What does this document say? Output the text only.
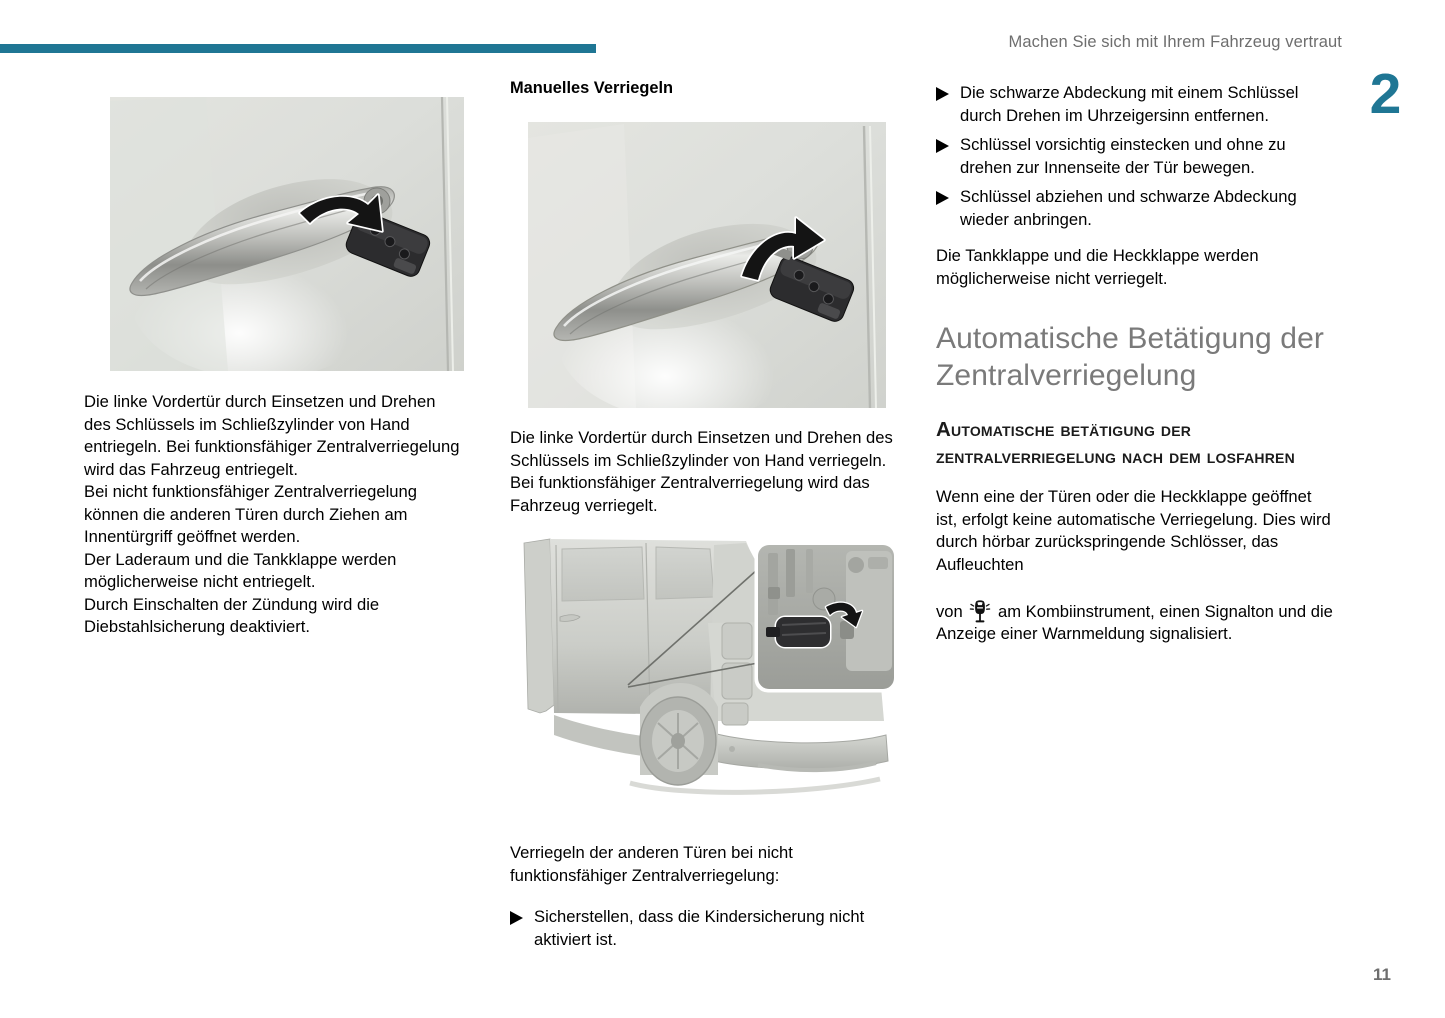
Machen Sie sich mit Ihrem Fahrzeug vertraut
2

Die linke Vordertür durch Einsetzen und Drehen des Schlüssels im Schließzylinder von Hand entriegeln. Bei funktionsfähiger Zentralverriegelung wird das Fahrzeug entriegelt.

Bei nicht funktionsfähiger Zentralverriegelung können die anderen Türen durch Ziehen am Innentürgriff geöffnet werden.

Der Laderaum und die Tankklappe werden möglicherweise nicht entriegelt.

Durch Einschalten der Zündung wird die Diebstahlsicherung deaktiviert.

Manuelles Verriegeln

Die linke Vordertür durch Einsetzen und Drehen des Schlüssels im Schließzylinder von Hand verriegeln. Bei funktionsfähiger Zentralverriegelung wird das Fahrzeug verriegelt.

Verriegeln der anderen Türen bei nicht funktionsfähiger Zentralverriegelung:

Sicherstellen, dass die Kindersicherung nicht aktiviert ist.
Die schwarze Abdeckung mit einem Schlüssel durch Drehen im Uhrzeigersinn entfernen.
Schlüssel vorsichtig einstecken und ohne zu drehen zur Innenseite der Tür bewegen.
Schlüssel abziehen und schwarze Abdeckung wieder anbringen.

Die Tankklappe und die Heckklappe werden möglicherweise nicht verriegelt.

Automatische Betätigung der Zentralverriegelung
Automatische betätigung der zentralverriegelung nach dem losfahren
Wenn eine der Türen oder die Heckklappe geöffnet ist, erfolgt keine automatische Verriegelung. Dies wird durch hörbar zurückspringende Schlösser, das Aufleuchten

von am Kombiinstrument, einen Signalton und die Anzeige einer Warnmeldung signalisiert.
11
